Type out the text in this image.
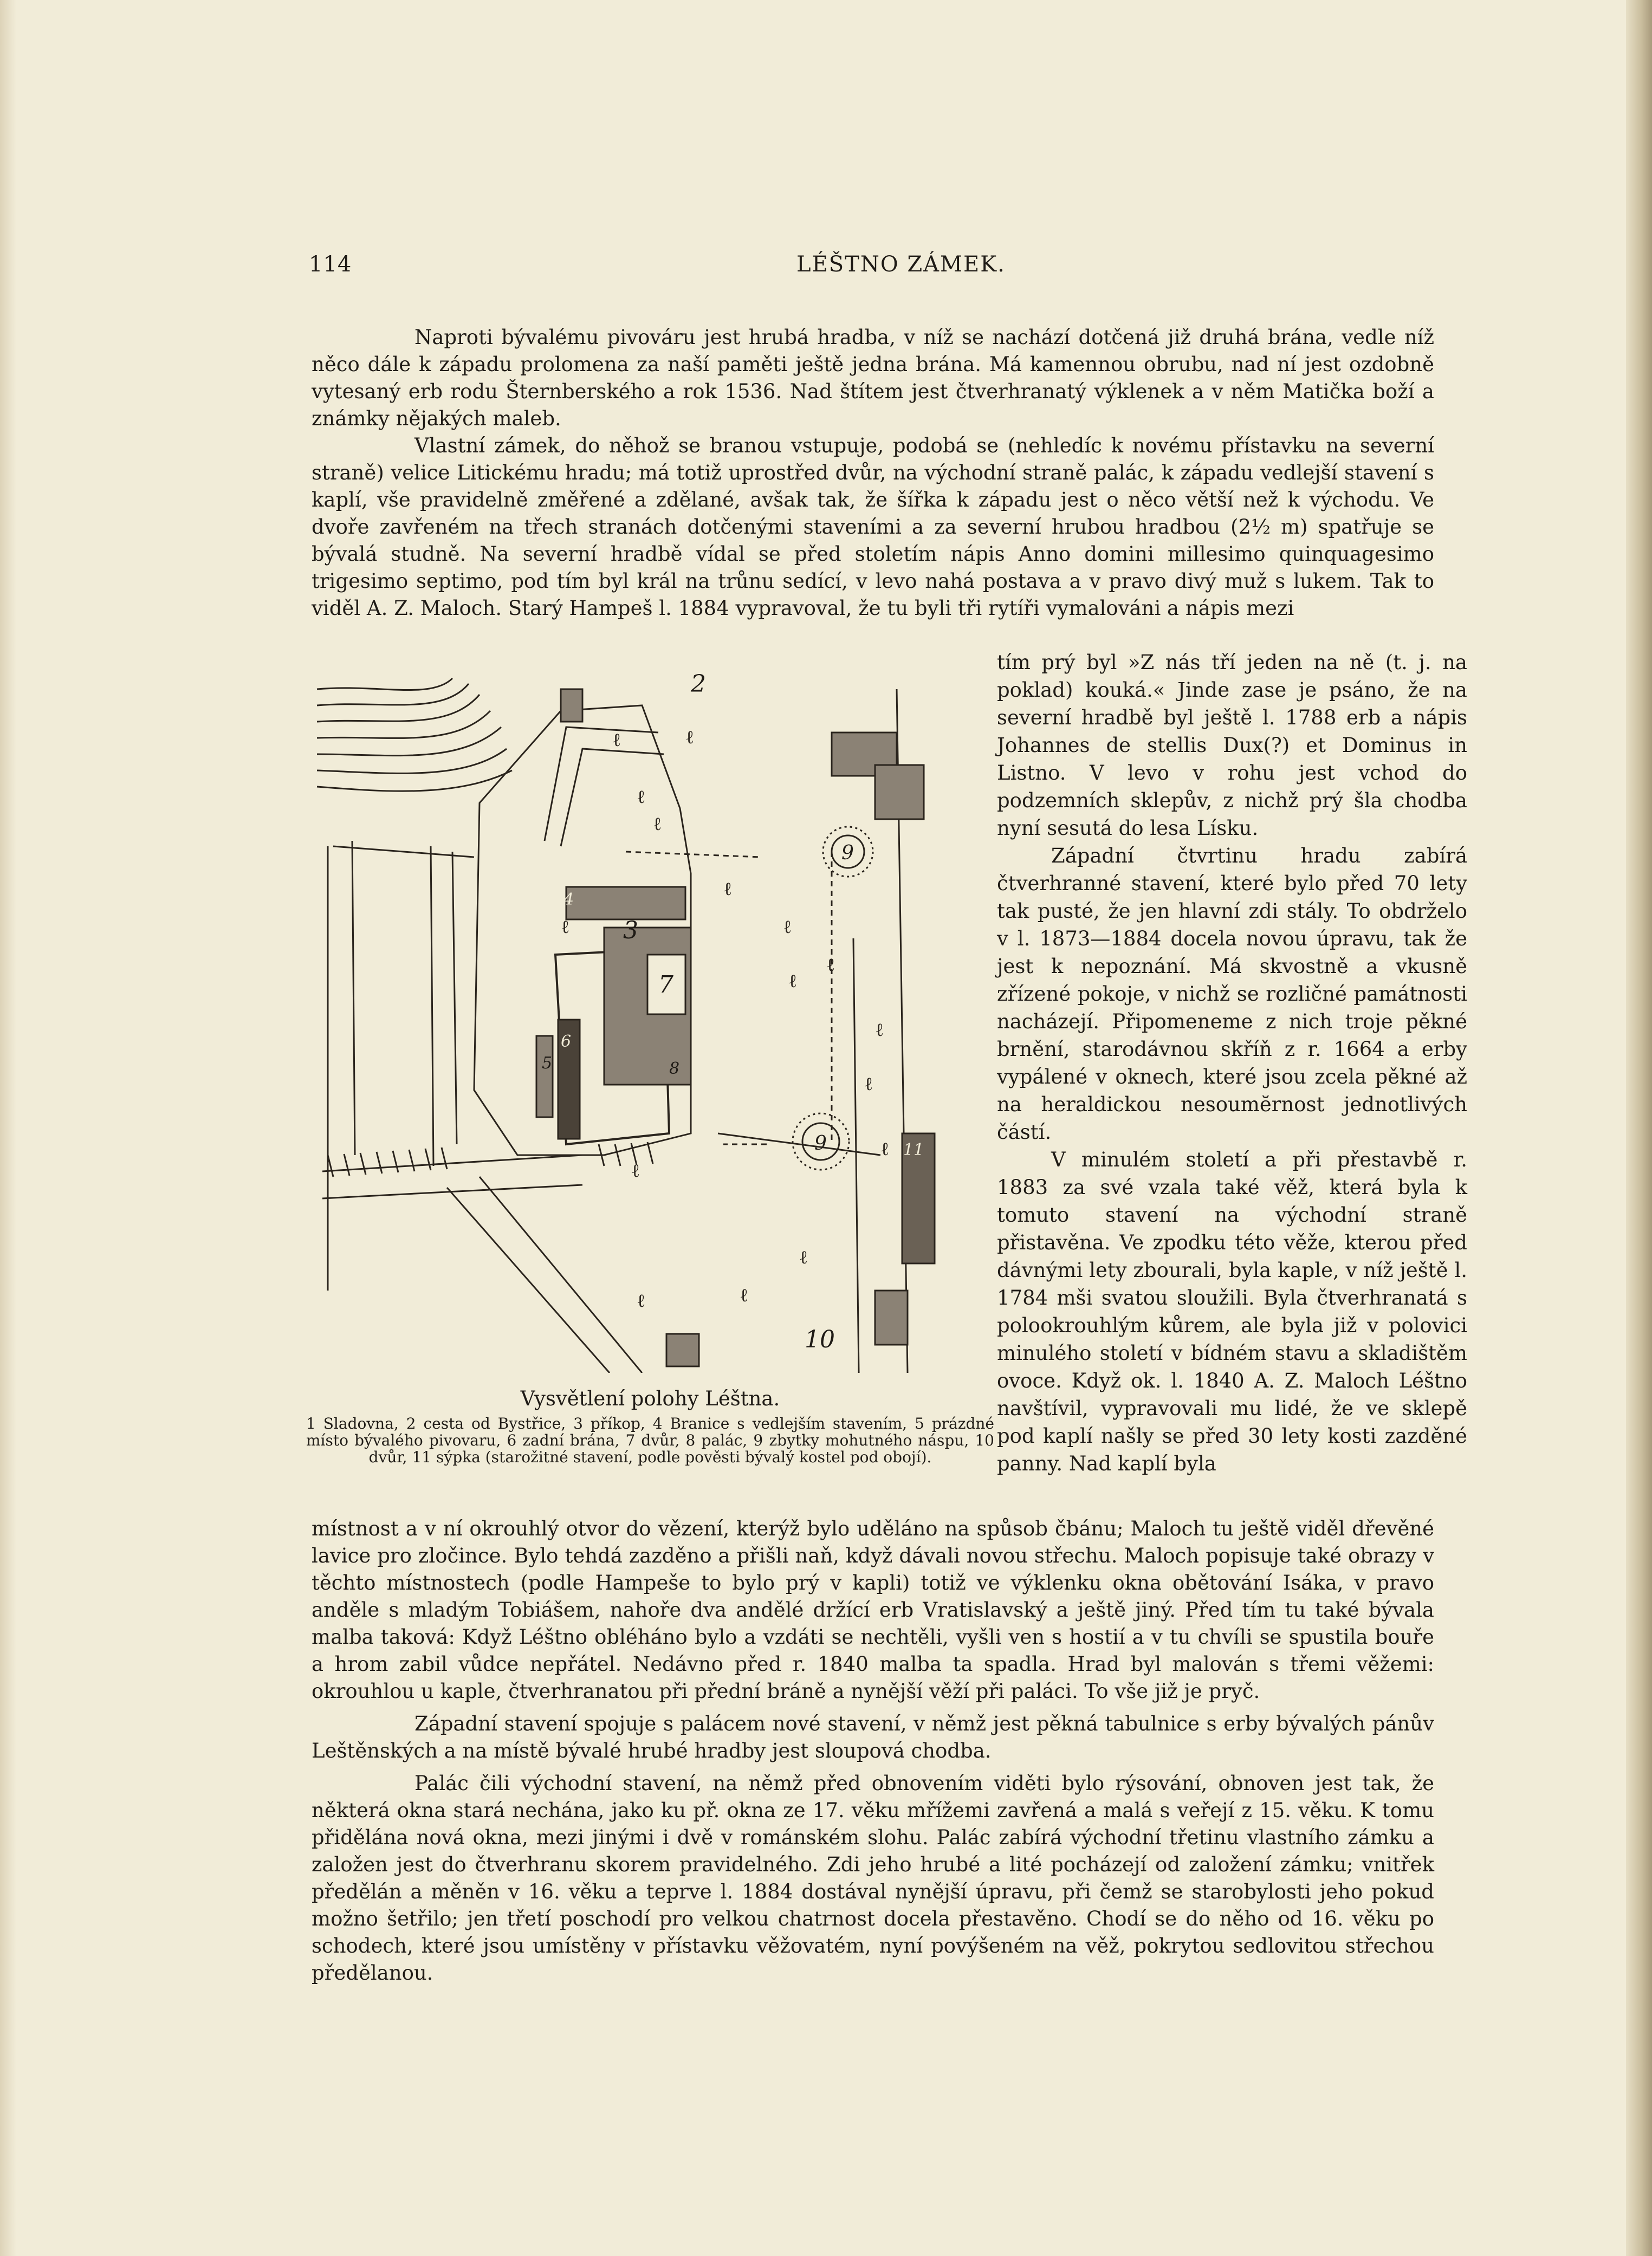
114	LÉŠTNO ZÁMEK.

Naproti bývalému pivováru jest hrubá hradba, v níž se nachází dotčená již druhá brána, vedle níž něco dále k západu prolomena za naší paměti ještě jedna brána. Má kamennou obrubu, nad ní jest ozdobně vytesaný erb rodu Šternberského a rok 1536. Nad štítem jest čtverhranatý výklenek a v něm Matička boží a známky nějakých maleb.

Vlastní zámek, do něhož se branou vstupuje, podobá se (nehledíc k novému přístavku na severní straně) velice Litickému hradu; má totiž uprostřed dvůr, na východní straně palác, k západu vedlejší stavení s kaplí, vše pravidelně změřené a zdělané, avšak tak, že šířka k západu jest o něco větší než k východu. Ve dvoře zavřeném na třech stranách dotčenými staveními a za severní hrubou hradbou (2½ m) spatřuje se bývalá studně. Na severní hradbě vídal se před stoletím nápis Anno domini millesimo quinquagesimo trigesimo septimo, pod tím byl král na trůnu sedící, v levo nahá postava a v pravo divý muž s lukem. Tak to viděl A. Z. Maloch. Starý Hampeš l. 1884 vypravoval, že tu byli tři rytíři vymalováni a nápis mezi

ℓ	ℓ
ℓ
ℓ
ℓ
ℓ
ℓ
ℓ
ℓ
ℓ
ℓ
ℓ
ℓ
ℓ
ℓ
ℓ
2
3
4
5
6
7
8
9
9
10
11
Vysvětlení polohy Léštna.
1 Sladovna, 2 cesta od Bystřice, 3 příkop, 4 Branice s vedlejším stavením, 5 prázdné místo bývalého pivovaru, 6 zadní brána, 7 dvůr, 8 palác, 9 zbytky mohutného náspu, 10 dvůr, 11 sýpka (starožitné stavení, podle pověsti bývalý kostel pod obojí).

tím prý byl »Z nás tří jeden na ně (t. j. na poklad) kouká.« Jinde zase je psáno, že na severní hradbě byl ještě l. 1788 erb a nápis Johannes de stellis Dux(?) et Dominus in Listno. V levo v rohu jest vchod do podzemních sklepův, z nichž prý šla chodba nyní sesutá do lesa Lísku.

Západní čtvrtinu hradu zabírá čtverhranné stavení, které bylo před 70 lety tak pusté, že jen hlavní zdi stály. To obdrželo v l. 1873—1884 docela novou úpravu, tak že jest k nepoznání. Má skvostně a vkusně zřízené pokoje, v nichž se rozličné památnosti nacházejí. Připomeneme z nich troje pěkné brnění, starodávnou skříň z r. 1664 a erby vypálené v oknech, které jsou zcela pěkné až na heraldickou nesoumĕrnost jednotlivých částí.

V minulém století a při přestavbě r. 1883 za své vzala také věž, která byla k tomuto stavení na východní straně přistavěna. Ve zpodku této věže, kterou před dávnými lety zbourali, byla kaple, v níž ještě l. 1784 mši svatou sloužili. Byla čtverhranatá s polookrouhlým kůrem, ale byla již v polovici minulého století v bídném stavu a skladištěm ovoce. Když ok. l. 1840 A. Z. Maloch Léštno navštívil, vypravovali mu lidé, že ve sklepě pod kaplí našly se před 30 lety kosti zazděné panny. Nad kaplí byla

místnost a v ní okrouhlý otvor do vězení, kterýž bylo uděláno na spůsob čbánu; Maloch tu ještě viděl dřevěné lavice pro zločince. Bylo tehdá zazděno a přišli naň, když dávali novou střechu. Maloch popisuje také obrazy v těchto místnostech (podle Hampeše to bylo prý v kapli) totiž ve výklenku okna obětování Isáka, v pravo anděle s mladým Tobiášem, nahoře dva andělé držící erb Vratislavský a ještě jiný. Před tím tu také bývala malba taková: Když Léštno obléháno bylo a vzdáti se nechtěli, vyšli ven s hostií a v tu chvíli se spustila bouře a hrom zabil vůdce nepřátel. Nedávno před r. 1840 malba ta spadla. Hrad byl malován s třemi věžemi: okrouhlou u kaple, čtverhranatou při přední bráně a nynější věží při paláci. To vše již je pryč.

Západní stavení spojuje s palácem nové stavení, v němž jest pěkná tabulnice s erby bývalých pánův Leštěnských a na místě bývalé hrubé hradby jest sloupová chodba.

Palác čili východní stavení, na němž před obnovením viděti bylo rýsování, obnoven jest tak, že některá okna stará nechána, jako ku př. okna ze 17. věku mřížemi zavřená a malá s veřejí z 15. věku. K tomu přidělána nová okna, mezi jinými i dvě v románském slohu. Palác zabírá východní třetinu vlastního zámku a založen jest do čtverhranu skorem pravidelného. Zdi jeho hrubé a lité pocházejí od založení zámku; vnitřek předělán a měněn v 16. věku a teprve l. 1884 dostával nynější úpravu, při čemž se starobylosti jeho pokud možno šetřilo; jen třetí poschodí pro velkou chatrnost docela přestavěno. Chodí se do něho od 16. věku po schodech, které jsou umístěny v přístavku věžovatém, nyní povýšeném na věž, pokrytou sedlovitou střechou předělanou.
